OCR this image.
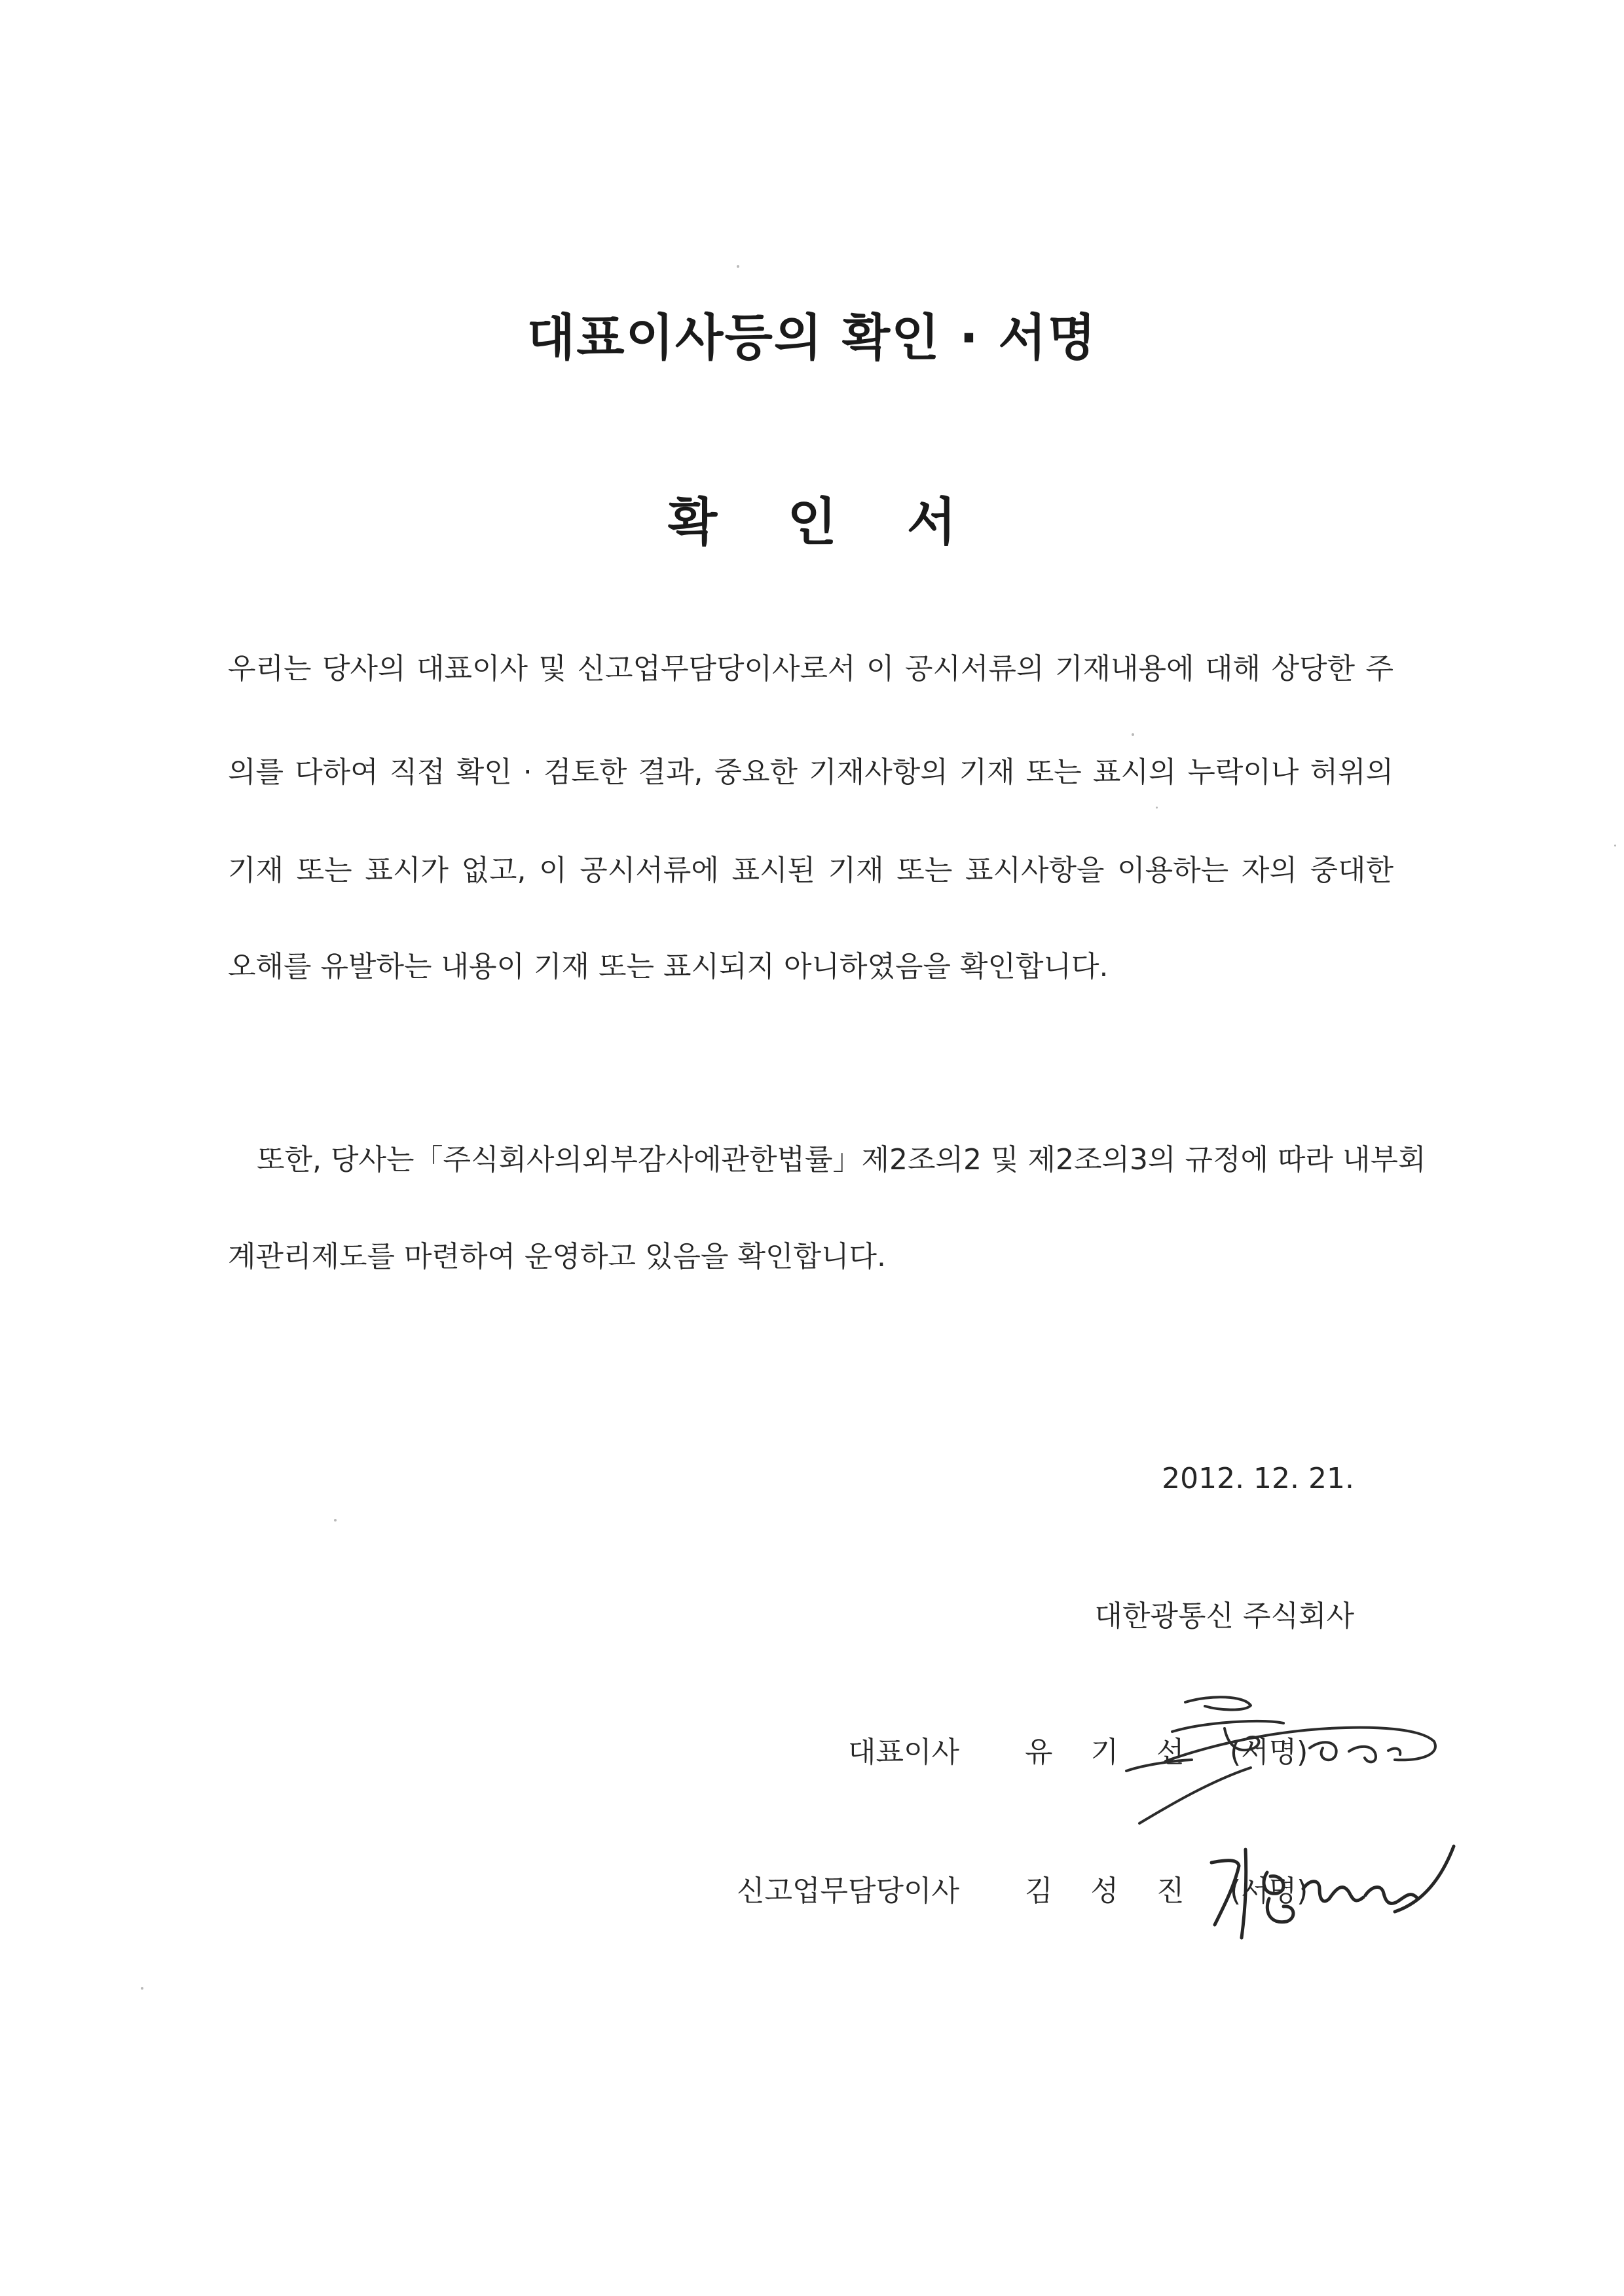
대표이사등의 확인 · 서명
확 인 서
우리는 당사의 대표이사 및 신고업무담당이사로서 이 공시서류의 기재내용에 대해 상당한 주
의를 다하여 직접 확인 · 검토한 결과, 중요한 기재사항의 기재 또는 표시의 누락이나 허위의
기재 또는 표시가 없고, 이 공시서류에 표시된 기재 또는 표시사항을 이용하는 자의 중대한
오해를 유발하는 내용이 기재 또는 표시되지 아니하였음을 확인합니다.
또한, 당사는「주식회사의외부감사에관한법률」제2조의2 및 제2조의3의 규정에 따라 내부회
계관리제도를 마련하여 운영하고 있음을 확인합니다.
2012. 12. 21.
대한광통신 주식회사
대표이사 유 기 선 (서명)
신고업무담당이사 김 성 진 (서명)
